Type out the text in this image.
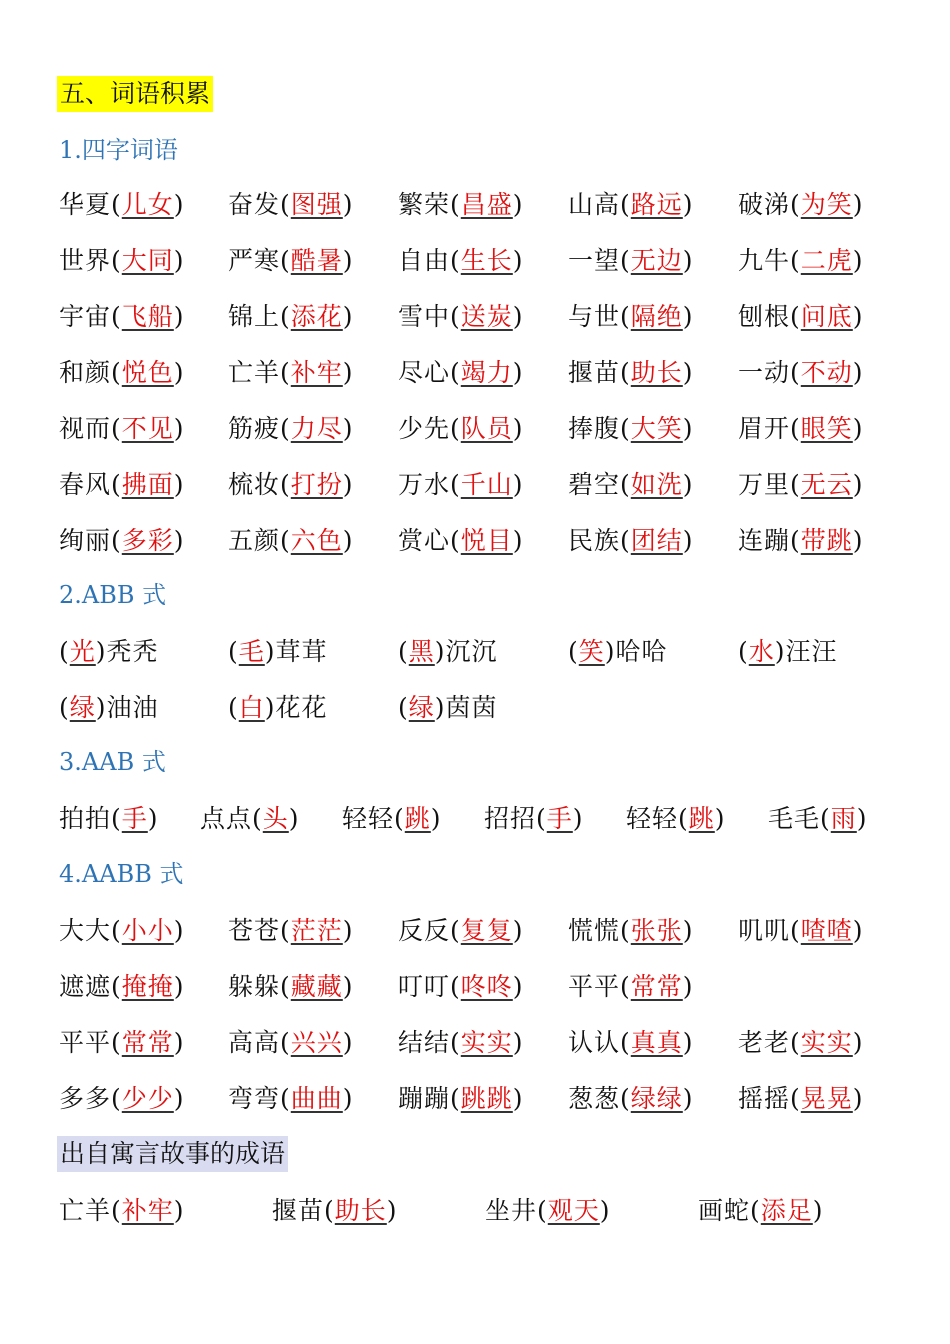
五、词语积累
出自寓言故事的成语
1.四字词语
华夏(儿女) 奋发(图强) 繁荣(昌盛) 山高(路远) 破涕(为笑)
世界(大同) 严寒(酷暑) 自由(生长) 一望(无边) 九牛(二虎)
宇宙(飞船) 锦上(添花) 雪中(送炭) 与世(隔绝) 刨根(问底)
和颜(悦色) 亡羊(补牢) 尽心(竭力) 揠苗(助长) 一动(不动)
视而(不见) 筋疲(力尽) 少先(队员) 捧腹(大笑) 眉开(眼笑)
春风(拂面) 梳妆(打扮) 万水(千山) 碧空(如洗) 万里(无云)
绚丽(多彩) 五颜(六色) 赏心(悦目) 民族(团结) 连蹦(带跳)
2.ABB 式
(光)秃秃	(毛)茸茸	(黑)沉沉	(笑)哈哈	(水)汪汪
(绿)油油	(白)花花	(绿)茵茵
3.AAB 式
拍拍(手) 点点(头) 轻轻(跳) 招招(手) 轻轻(跳) 毛毛(雨)
4.AABB 式
大大(小小) 苍苍(茫茫) 反反(复复) 慌慌(张张) 叽叽(喳喳)
遮遮(掩掩) 躲躲(藏藏) 叮叮(咚咚) 平平(常常)
平平(常常) 高高(兴兴) 结结(实实) 认认(真真) 老老(实实)
多多(少少) 弯弯(曲曲) 蹦蹦(跳跳) 葱葱(绿绿) 摇摇(晃晃)
亡羊(补牢)	揠苗(助长)	坐井(观天)	画蛇(添足)
